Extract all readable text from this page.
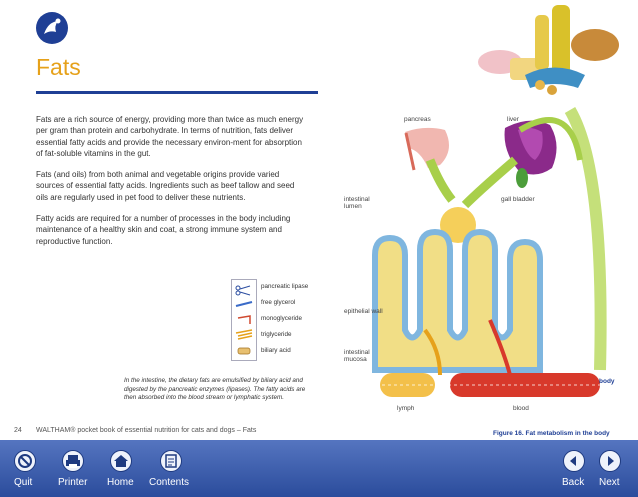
Fats
Fats are a rich source of energy, providing more than twice as much energy per gram than protein and carbohydrate. In terms of nutrition, fats deliver essential fatty acids and provide the necessary environ-ment for absorption of fat-soluble vitamins in the gut.
Fats (and oils) from both animal and vegetable origins provide varied sources of essential fatty acids. Ingredients such as beef tallow and seed oils are regularly used in pet food to deliver these nutrients.
Fatty acids are required for a number of processes in the body including maintenance of a healthy skin and coat, a strong immune system and reproductive function.
pancreatic lipase
free glycerol
monoglyceride
triglyceride
biliary acid
In the intestine, the dietary fats are emulsified by biliary acid and digested by the pancreatic enzymes (lipases). The fatty acids are then absorbed into the blood stream or lymphatic system.
pancreas	liver
intestinal lumen
gall bladder
epithelial wall
intestinal mucosa
lymph	blood
body
24 WALTHAM® pocket book of essential nutrition for cats and dogs – Fats	Figure 16. Fat metabolism in the body
Quit	Printer Home Contents	Back Next
